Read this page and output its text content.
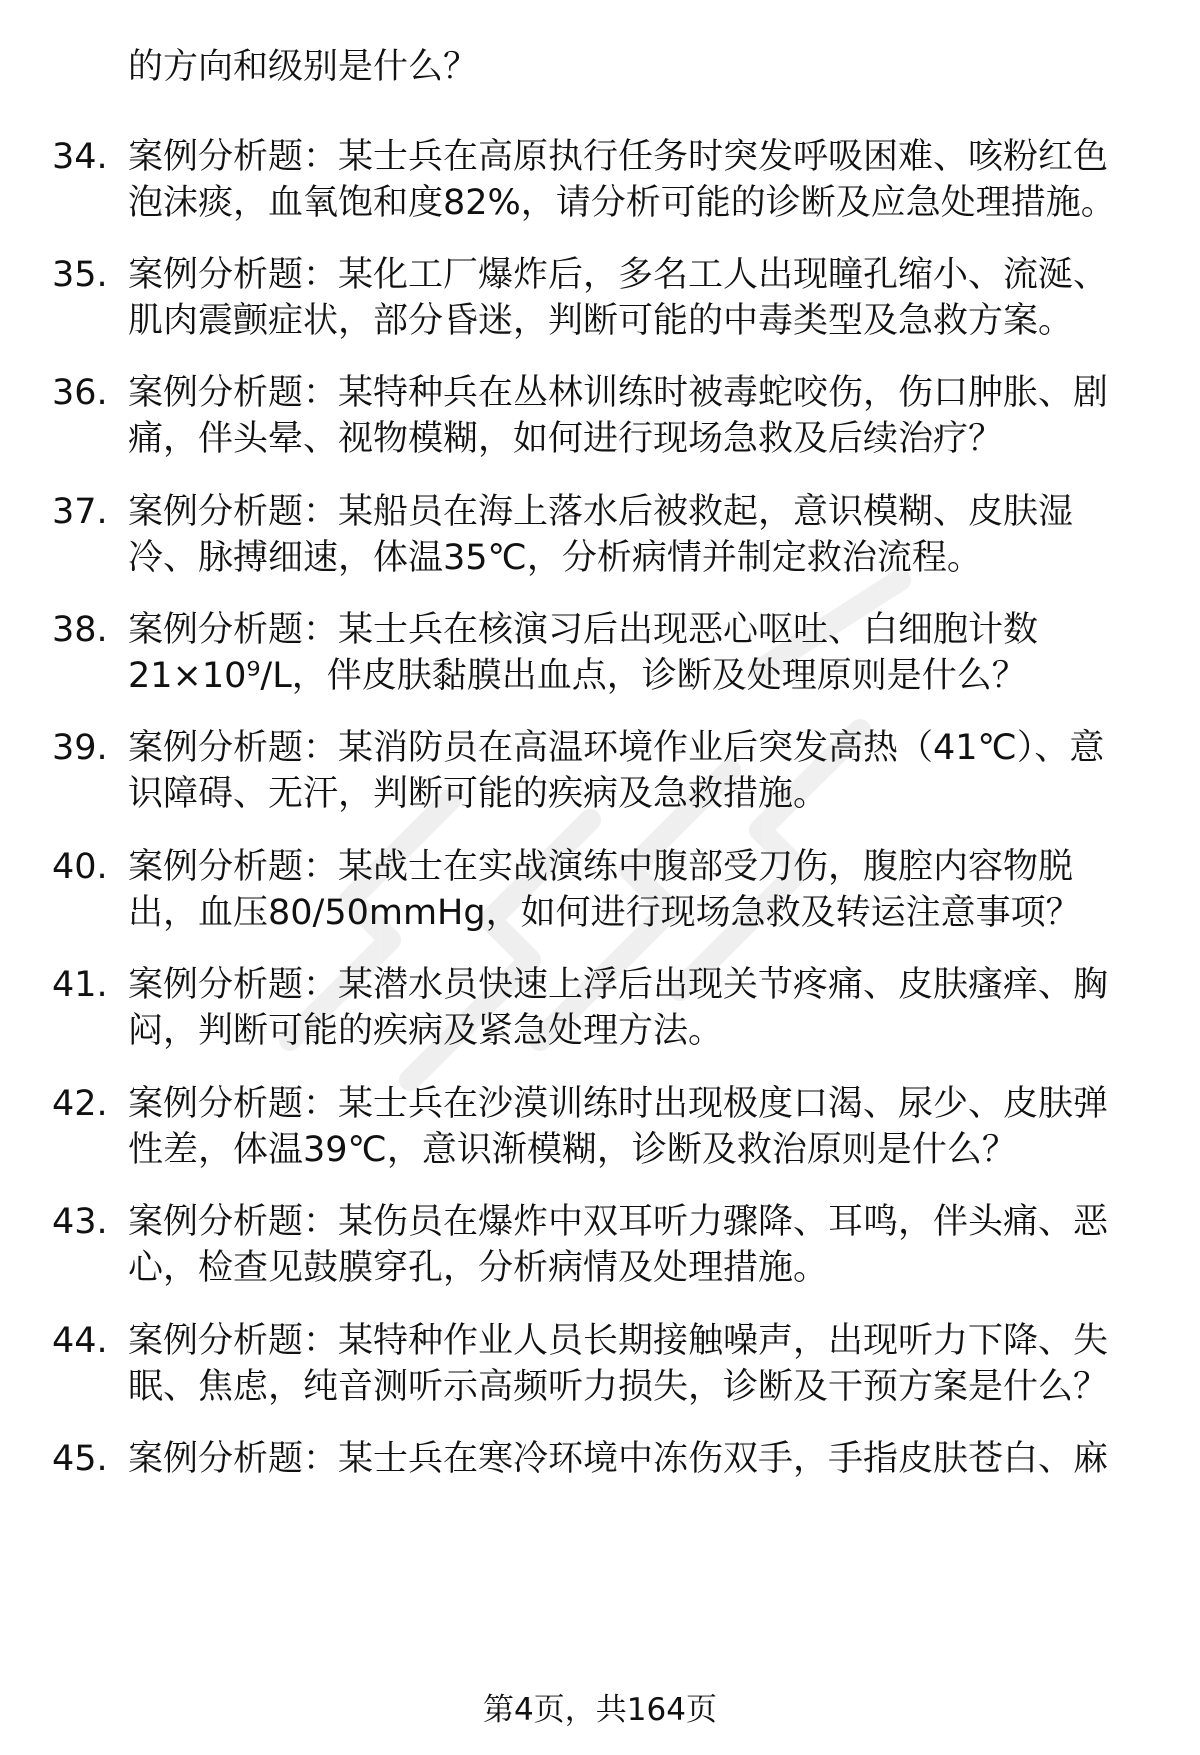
的方向和级别是什么？
34. 案例分析题：某士兵在高原执行任务时突发呼吸困难、咳粉红色
泡沫痰，血氧饱和度82%，请分析可能的诊断及应急处理措施。
35. 案例分析题：某化工厂爆炸后，多名工人出现瞳孔缩小、流涎、
肌肉震颤症状，部分昏迷，判断可能的中毒类型及急救方案。
36. 案例分析题：某特种兵在丛林训练时被毒蛇咬伤，伤口肿胀、剧
痛，伴头晕、视物模糊，如何进行现场急救及后续治疗？
37. 案例分析题：某船员在海上落水后被救起，意识模糊、皮肤湿
冷、脉搏细速，体温35℃，分析病情并制定救治流程。
38. 案例分析题：某士兵在核演习后出现恶心呕吐、白细胞计数
21×10⁹/L，伴皮肤黏膜出血点，诊断及处理原则是什么？
39. 案例分析题：某消防员在高温环境作业后突发高热（41℃）、意
识障碍、无汗，判断可能的疾病及急救措施。
40. 案例分析题：某战士在实战演练中腹部受刀伤，腹腔内容物脱
出，血压80/50mmHg，如何进行现场急救及转运注意事项？
41. 案例分析题：某潜水员快速上浮后出现关节疼痛、皮肤瘙痒、胸
闷，判断可能的疾病及紧急处理方法。
42. 案例分析题：某士兵在沙漠训练时出现极度口渴、尿少、皮肤弹
性差，体温39℃，意识渐模糊，诊断及救治原则是什么？
43. 案例分析题：某伤员在爆炸中双耳听力骤降、耳鸣，伴头痛、恶
心，检查见鼓膜穿孔，分析病情及处理措施。
44. 案例分析题：某特种作业人员长期接触噪声，出现听力下降、失
眠、焦虑，纯音测听示高频听力损失，诊断及干预方案是什么？
45. 案例分析题：某士兵在寒冷环境中冻伤双手，手指皮肤苍白、麻
第4页，共164页
